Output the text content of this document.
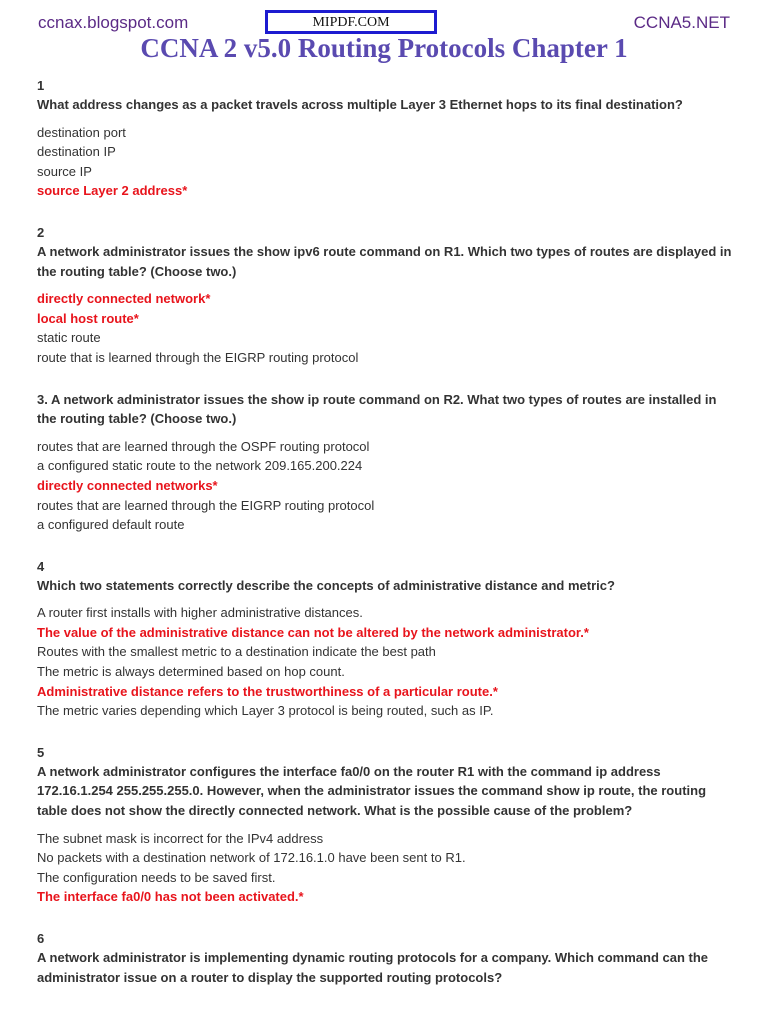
ccnax.blogspot.com	MIPDF.COM	CCNA5.NET
CCNA 2 v5.0 Routing Protocols Chapter 1
1
What address changes as a packet travels across multiple Layer 3 Ethernet hops to its final destination?
destination port
destination IP
source IP
source Layer 2 address*
2
A network administrator issues the show ipv6 route command on R1. Which two types of routes are displayed in the routing table? (Choose two.)
directly connected network*
local host route*
static route
route that is learned through the EIGRP routing protocol
3. A network administrator issues the show ip route command on R2. What two types of routes are installed in the routing table? (Choose two.)
routes that are learned through the OSPF routing protocol
a configured static route to the network 209.165.200.224
directly connected networks*
routes that are learned through the EIGRP routing protocol
a configured default route
4
Which two statements correctly describe the concepts of administrative distance and metric?
A router first installs with higher administrative distances.
The value of the administrative distance can not be altered by the network administrator.*
Routes with the smallest metric to a destination indicate the best path
The metric is always determined based on hop count.
Administrative distance refers to the trustworthiness of a particular route.*
The metric varies depending which Layer 3 protocol is being routed, such as IP.
5
A network administrator configures the interface fa0/0 on the router R1 with the command ip address 172.16.1.254 255.255.255.0. However, when the administrator issues the command show ip route, the routing table does not show the directly connected network. What is the possible cause of the problem?
The subnet mask is incorrect for the IPv4 address
No packets with a destination network of 172.16.1.0 have been sent to R1.
The configuration needs to be saved first.
The interface fa0/0 has not been activated.*
6
A network administrator is implementing dynamic routing protocols for a company. Which command can the administrator issue on a router to display the supported routing protocols?
